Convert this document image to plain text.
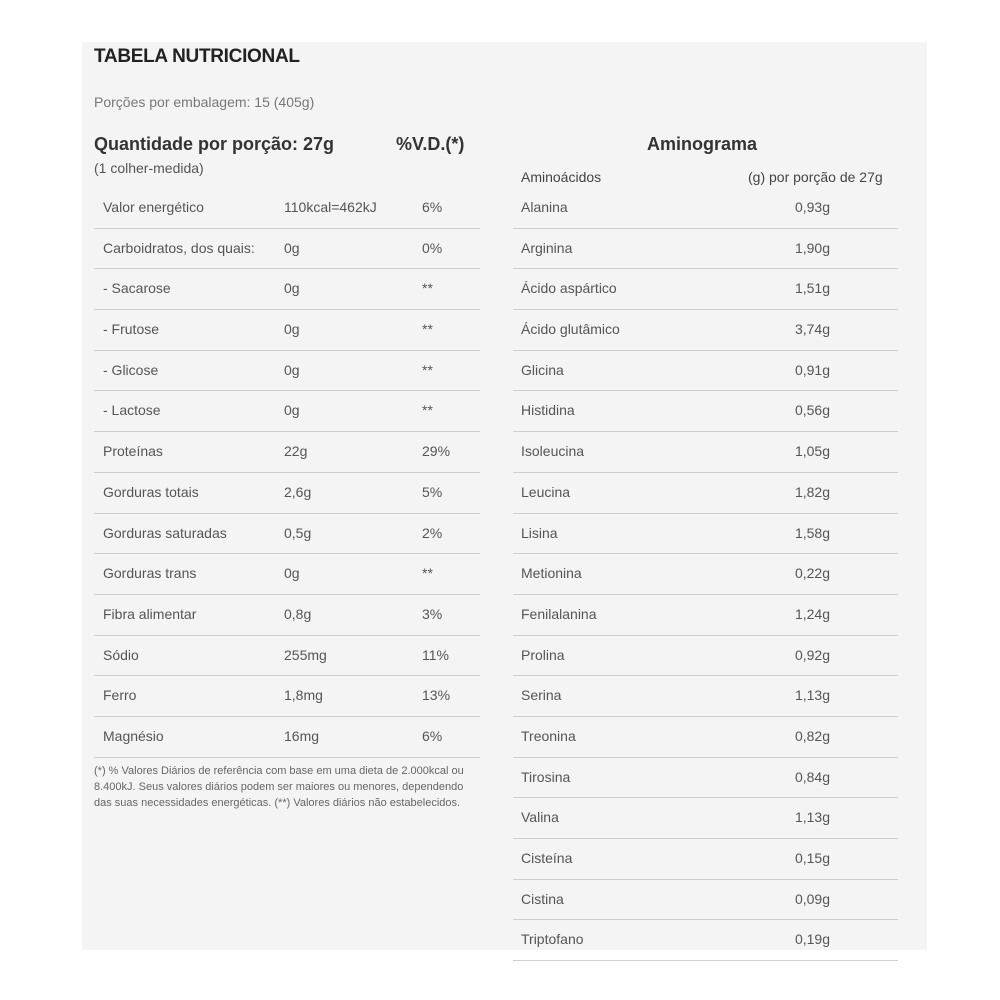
TABELA NUTRICIONAL
Porções por embalagem: 15 (405g)
Quantidade por porção: 27g	%V.D.(*)
(1 colher-medida)
Valor energético	110kcal=462kJ	6%
Carboidratos, dos quais: 0g	0%
- Sacarose	0g	**
- Frutose	0g	**
- Glicose	0g	**
- Lactose	0g	**
Proteínas	22g	29%
Gorduras totais	2,6g	5%
Gorduras saturadas	0,5g	2%
Gorduras trans	0g	**
Fibra alimentar	0,8g	3%
Sódio	255mg	11%
Ferro	1,8mg	13%
Magnésio	16mg	6%
(*) % Valores Diários de referência com base em uma dieta de 2.000kcal ou 8.400kJ. Seus valores diários podem ser maiores ou menores, dependendo das suas necessidades energéticas. (**) Valores diários não estabelecidos.
Aminograma
Aminoácidos	(g) por porção de 27g
Alanina	0,93g
Arginina	1,90g
Ácido aspártico	1,51g
Ácido glutâmico	3,74g
Glicina	0,91g
Histidina	0,56g
Isoleucina	1,05g
Leucina	1,82g
Lisina	1,58g
Metionina	0,22g
Fenilalanina	1,24g
Prolina	0,92g
Serina	1,13g
Treonina	0,82g
Tirosina	0,84g
Valina	1,13g
Cisteína	0,15g
Cistina	0,09g
Triptofano	0,19g
